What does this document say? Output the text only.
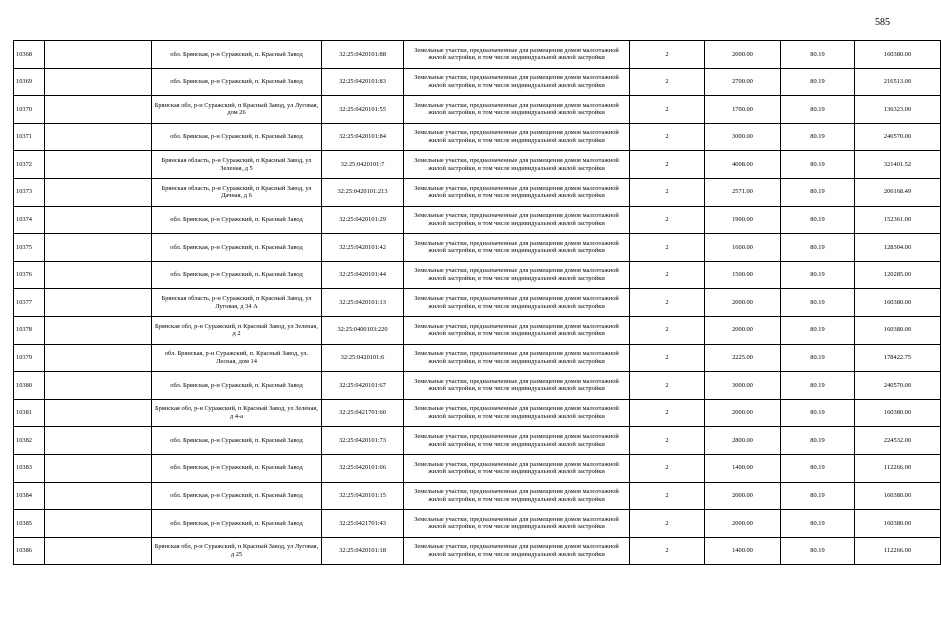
585
10368		обл. Брянская, р-н Суражский, п. Красный Завод	32:25:0420101:88	Земельные участки, предназначенные для размещения домов малоэтажной жилой застройки, в том числе индивидуальной жилой застройки	2	2000.00	80.19	160380.00
10369		обл. Брянская, р-н Суражский, п. Красный Завод	32:25:0420101:83	Земельные участки, предназначенные для размещения домов малоэтажной жилой застройки, в том числе индивидуальной жилой застройки	2	2700.00	80.19	216513.00
10370		Брянская обл, р-н Суражский, п Красный Завод, ул Луговая, дом 26	32:25:0420101:55	Земельные участки, предназначенные для размещения домов малоэтажной жилой застройки, в том числе индивидуальной жилой застройки	2	1700.00	80.19	136323.00
10371		обл. Брянская, р-н Суражский, п. Красный Завод	32:25:0420101:84	Земельные участки, предназначенные для размещения домов малоэтажной жилой застройки, в том числе индивидуальной жилой застройки	2	3000.00	80.19	240570.00
10372		Брянская область, р-н Суражский, п Красный Завод, ул Зеленая, д 5	32:25:0420101:7	Земельные участки, предназначенные для размещения домов малоэтажной жилой застройки, в том числе индивидуальной жилой застройки	2	4008.00	80.19	321401.52
10373		Брянская область, р-н Суражский, п Красный Завод, ул Дачная, д 6	32:25:0420101:213	Земельные участки, предназначенные для размещения домов малоэтажной жилой застройки, в том числе индивидуальной жилой застройки	2	2571.00	80.19	206168.49
10374		обл. Брянская, р-н Суражский, п. Красный Завод	32:25:0420101:29	Земельные участки, предназначенные для размещения домов малоэтажной жилой застройки, в том числе индивидуальной жилой застройки	2	1900.00	80.19	152361.00
10375		обл. Брянская, р-н Суражский, п. Красный Завод	32:25:0420101:42	Земельные участки, предназначенные для размещения домов малоэтажной жилой застройки, в том числе индивидуальной жилой застройки	2	1600.00	80.19	128304.00
10376		обл. Брянская, р-н Суражский, п. Красный Завод	32:25:0420101:44	Земельные участки, предназначенные для размещения домов малоэтажной жилой застройки, в том числе индивидуальной жилой застройки	2	1500.00	80.19	120285.00
10377		Брянская область, р-н Суражский, п Красный Завод, ул Луговая, д 34 А	32:25:0420101:13	Земельные участки, предназначенные для размещения домов малоэтажной жилой застройки, в том числе индивидуальной жилой застройки	2	2000.00	80.19	160380.00
10378		Брянская обл, р-н Суражский, п Красный Завод, ул Зеленая, д 2	32:25:0400103:220	Земельные участки, предназначенные для размещения домов малоэтажной жилой застройки, в том числе индивидуальной жилой застройки	2	2000.00	80.19	160380.00
10379		обл. Брянская, р-н Суражский, п. Красный Завод, ул. Лесная, дом 14	32:25:0420101:6	Земельные участки, предназначенные для размещения домов малоэтажной жилой застройки, в том числе индивидуальной жилой застройки	2	2225.00	80.19	178422.75
10380		обл. Брянская, р-н Суражский, п. Красный Завод	32:25:0420101:67	Земельные участки, предназначенные для размещения домов малоэтажной жилой застройки, в том числе индивидуальной жилой застройки	2	3000.00	80.19	240570.00
10381		Брянская обл, р-н Суражский, п Красный Завод, ул Зеленая, д 4-а	32:25:0421701:60	Земельные участки, предназначенные для размещения домов малоэтажной жилой застройки, в том числе индивидуальной жилой застройки	2	2000.00	80.19	160380.00
10382		обл. Брянская, р-н Суражский, п. Красный Завод	32:25:0420101:73	Земельные участки, предназначенные для размещения домов малоэтажной жилой застройки, в том числе индивидуальной жилой застройки	2	2800.00	80.19	224532.00
10383		обл. Брянская, р-н Суражский, п. Красный Завод	32:25:0420101:66	Земельные участки, предназначенные для размещения домов малоэтажной жилой застройки, в том числе индивидуальной жилой застройки	2	1400.00	80.19	112266.00
10384		обл. Брянская, р-н Суражский, п. Красный Завод	32:25:0420101:15	Земельные участки, предназначенные для размещения домов малоэтажной жилой застройки, в том числе индивидуальной жилой застройки	2	2000.00	80.19	160380.00
10385		обл. Брянская, р-н Суражский, п. Красный Завод	32:25:0421701:43	Земельные участки, предназначенные для размещения домов малоэтажной жилой застройки, в том числе индивидуальной жилой застройки	2	2000.00	80.19	160380.00
10386		Брянская обл, р-н Суражский, п Красный Завод, ул Луговая, д 25	32:25:0420101:18	Земельные участки, предназначенные для размещения домов малоэтажной жилой застройки, в том числе индивидуальной жилой застройки	2	1400.00	80.19	112266.00
